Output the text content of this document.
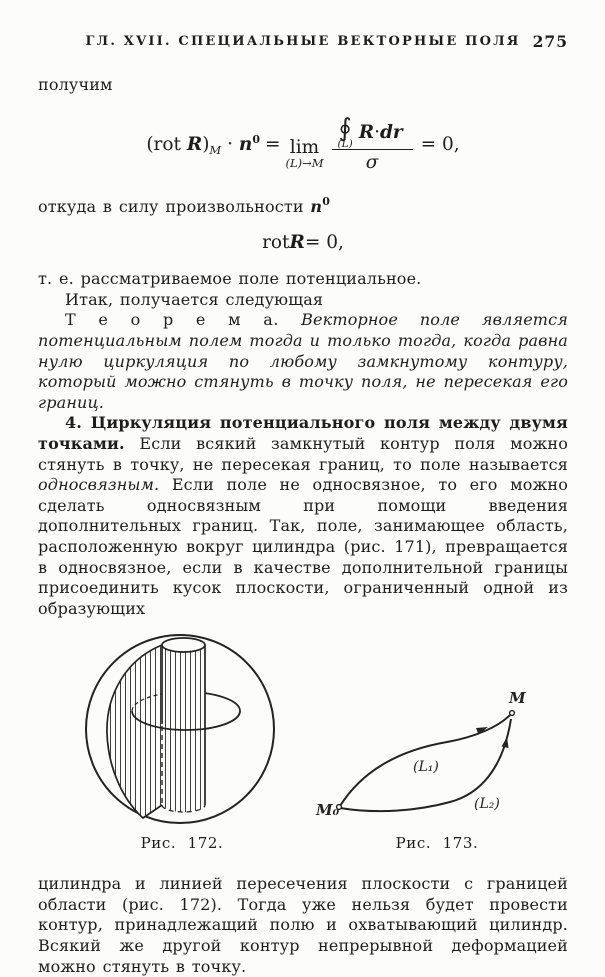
ГЛ. XVII. СПЕЦИАЛЬНЫЕ ВЕКТОРНЫЕ ПОЛЯ 275

получим

(rot $R)_M \cdot n^0 = \lim$
(L)→M ∮
(L)
R·dr
σ = 0,

откуда в силу произвольности $n^0$

rot R = 0,

т. е. рассматриваемое поле потенциальное.

Итак, получается следующая

Т е о р е м а. Векторное поле является потенциальным полем тогда и только тогда, когда равна нулю циркуляция по любому замкнутому контуру, который можно стянуть в точку поля, не пересекая его границ.

4. Циркуляция потенциального поля между двумя точками. Если всякий замкнутый контур поля можно стянуть в точку, не пересекая границ, то поле называется односвязным. Если поле не односвязное, то его можно сделать односвязным при помощи введения дополнительных границ. Так, поле, занимающее область, расположенную вокруг цилиндра (рис. 171), превращается в односвязное, если в качестве дополнительной границы присоединить кусок плоскости, ограниченный одной из образующих

Рис. 172.
M₀
M
(L₁)
(L₂)
Рис. 173.

цилиндра и линией пересечения плоскости с границей области (рис. 172). Тогда уже нельзя будет провести контур, принадлежащий полю и охватывающий цилиндр. Всякий же другой контур непрерывной деформацией можно стянуть в точку.
